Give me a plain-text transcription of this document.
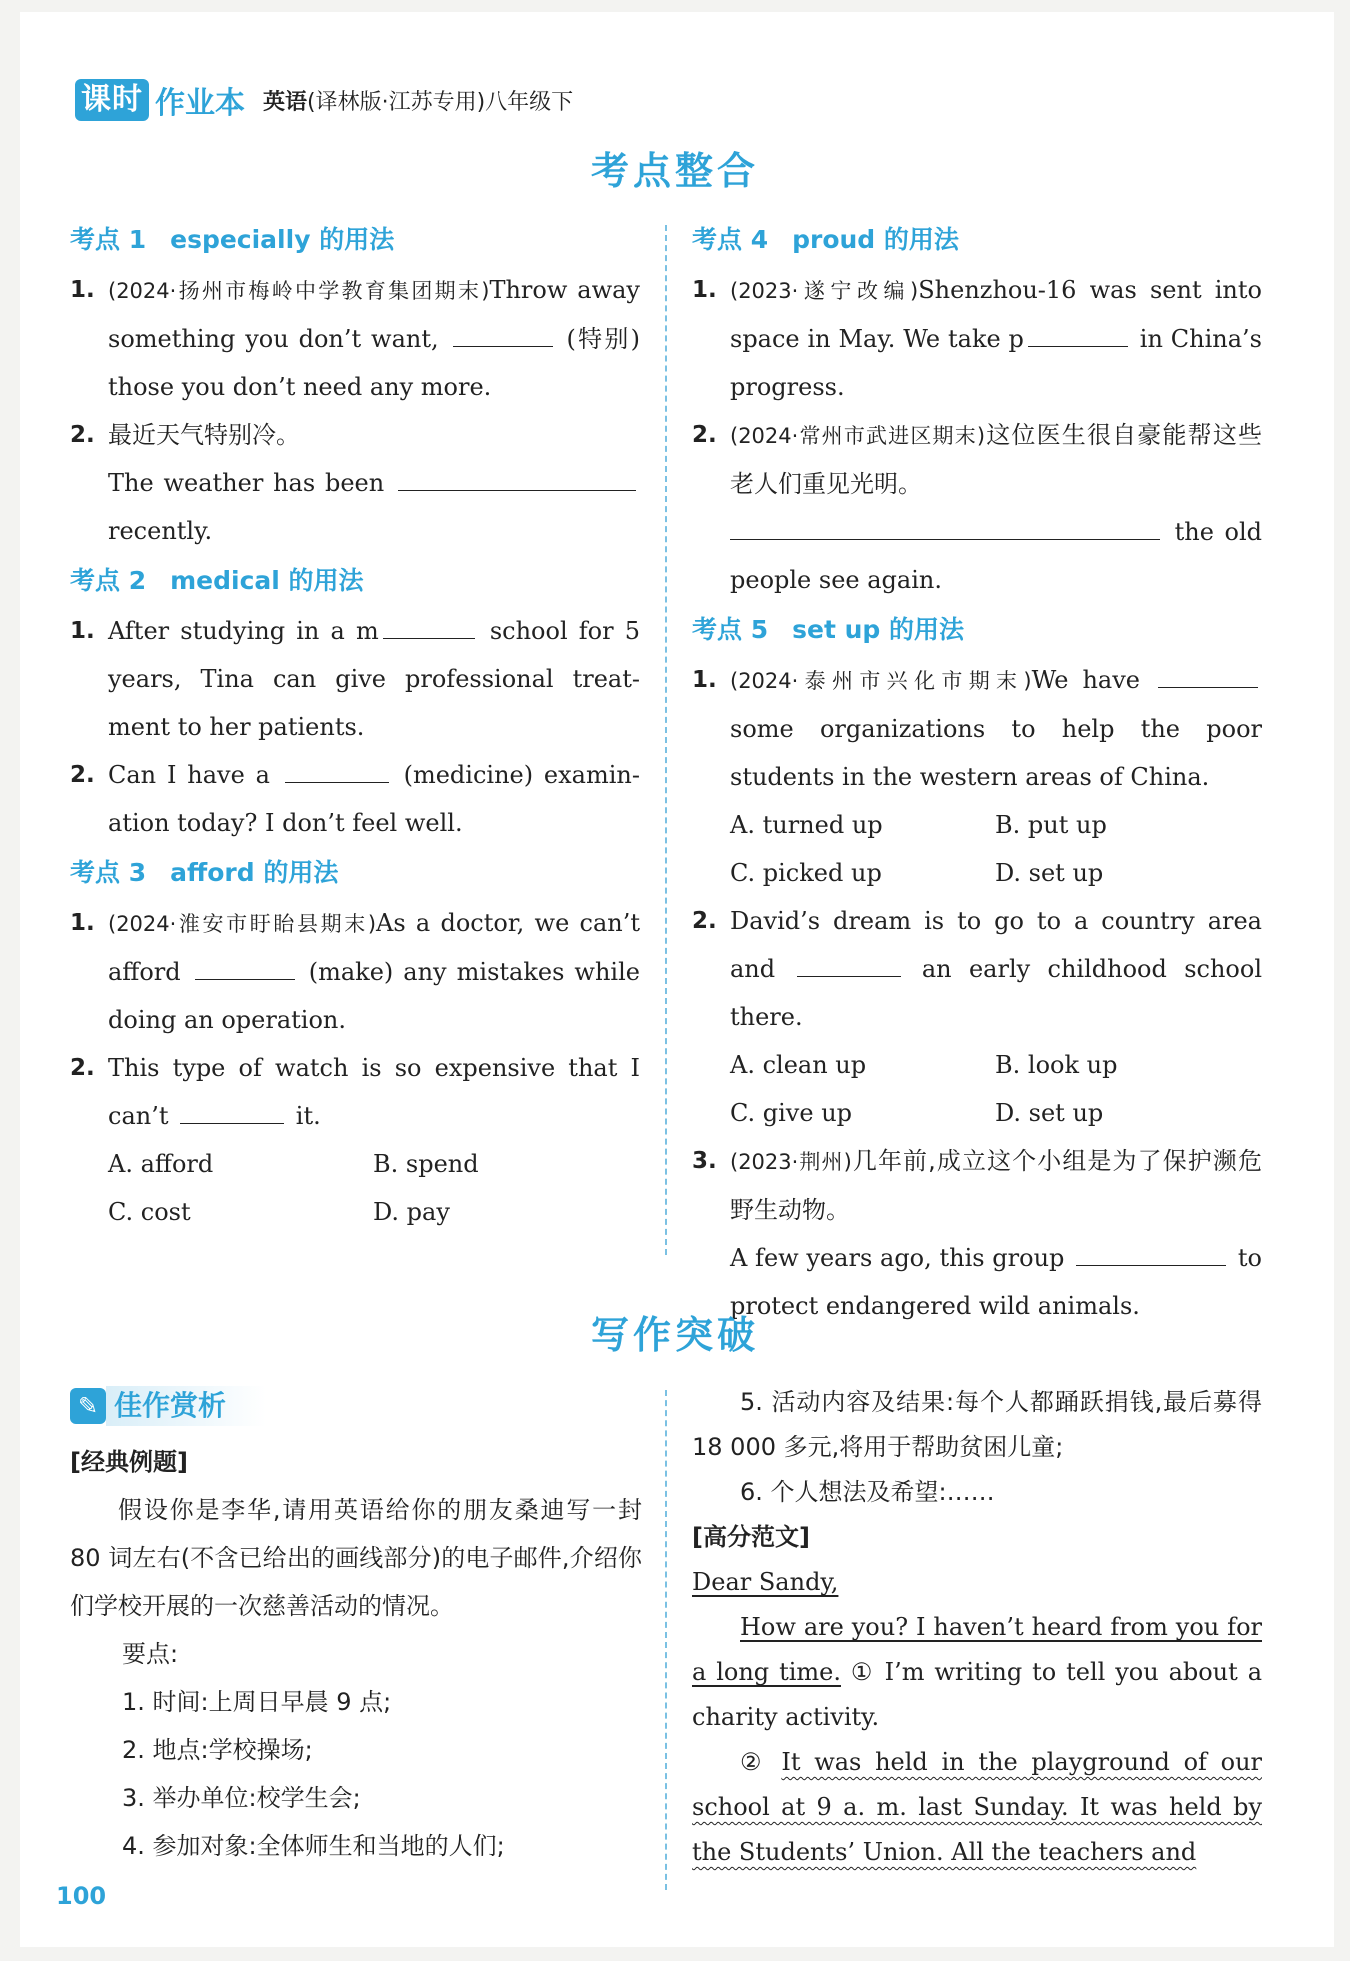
课时 作业本 英语(译林版·江苏专用)八年级下
考点整合
考点 1 especially 的用法
1. (2024·扬州市梅岭中学教育集团期末)Throw away something you don’t want,	(特别) those you don’t need any more.
2. 最近天气特别冷。
The weather has been  recently.
考点 2 medical 的用法
1. After studying in a m	school for 5 years, Tina can give professional treat-ment to her patients.
2. Can I have a	(medicine) examin-ation today? I don’t feel well.
考点 3 afford 的用法
1. (2024·淮安市盱眙县期末)As a doctor, we can’t afford	(make) any mistakes while doing an operation.
2. This type of watch is so expensive that I can’t	it.
A. afford	B. spend
C. cost	D. pay
考点 4 proud 的用法
1. (2023·遂宁改编)Shenzhou-16 was sent into space in May. We take p	in China’s progress.
2. (2024·常州市武进区期末)这位医生很自豪能帮这些老人们重见光明。
the old people see again.
考点 5 set up 的用法
1. (2024·泰州市兴化市期末)We have  some organizations to help the poor students in the western areas of China.
A. turned up	B. put up
C. picked up	D. set up
2. David’s dream is to go to a country area and	an early childhood school there.
A. clean up	B. look up
C. give up	D. set up
3. (2023·荆州)几年前,成立这个小组是为了保护濒危野生动物。
A few years ago, this group	to protect endangered wild animals.
写作突破
✎ 佳作赏析
[经典例题]
假设你是李华,请用英语给你的朋友桑迪写一封 80 词左右(不含已给出的画线部分)的电子邮件,介绍你们学校开展的一次慈善活动的情况。
要点:
1. 时间:上周日早晨 9 点;
2. 地点:学校操场;
3. 举办单位:校学生会;
4. 参加对象:全体师生和当地的人们;
5. 活动内容及结果:每个人都踊跃捐钱,最后募得 18 000 多元,将用于帮助贫困儿童;
6. 个人想法及希望:……
[高分范文]
Dear Sandy,
How are you? I haven’t heard from you for a long time. ① I’m writing to tell you about a charity activity.
② It was held in the playground of our school at 9 a. m. last Sunday. It was held by the Students’ Union. All the teachers and
100
